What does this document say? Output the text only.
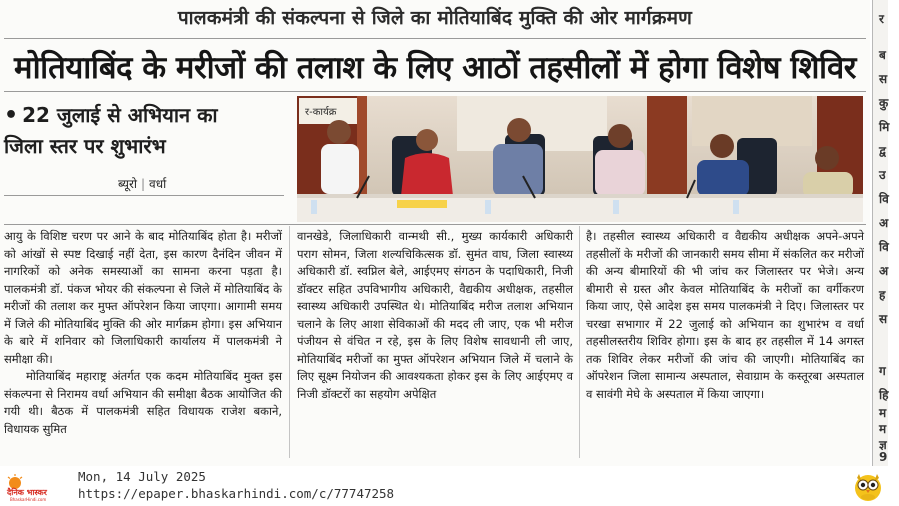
पालकमंत्री की संकल्पना से जिले का मोतियाबिंद मुक्ति की ओर मार्गक्रमण
मोतियाबिंद के मरीजों की तलाश के लिए आठों तहसीलों में होगा विशेष शिविर
• 22 जुलाई से अभियान का
जिला स्तर पर शुभारंभ
ब्यूरो | वर्धा
र-कार्यक्र

आयु के विशिष्ट चरण पर आने के बाद मोतियाबिंद होता है। मरीजों को आंखों से स्पष्ट दिखाई नहीं देता, इस कारण दैनंदिन जीवन में नागरिकों को अनेक समस्याओं का सामना करना पड़ता है। पालकमंत्री डॉ. पंकज भोयर की संकल्पना से जिले में मोतियाबिंद के मरीजों की तलाश कर मुफ्त ऑपरेशन किया जाएगा। आगामी समय में जिले की मोतियाबिंद मुक्ति की ओर मार्गक्रम होगा। इस अभियान के बारे में शनिवार को जिलाधिकारी कार्यालय में पालकमंत्री ने समीक्षा की।

मोतियाबिंद महाराष्ट्र अंतर्गत एक कदम मोतियाबिंद मुक्त इस संकल्पना से निरामय वर्धा अभियान की समीक्षा बैठक आयोजित की गयी थी। बैठक में पालकमंत्री सहित विधायक राजेश बकाने, विधायक सुमित

वानखेडे, जिलाधिकारी वान्मथी सी., मुख्य कार्यकारी अधिकारी पराग सोमन, जिला शल्यचिकित्सक डॉ. सुमंत वाघ, जिला स्वास्थ्य अधिकारी डॉ. स्वप्निल बेले, आईएमए संगठन के पदाधिकारी, निजी डॉक्टर सहित उपविभागीय अधिकारी, वैद्यकीय अधीक्षक, तहसील स्वास्थ्य अधिकारी उपस्थित थे। मोतियाबिंद मरीज तलाश अभियान चलाने के लिए आशा सेविकाओं की मदद ली जाए, एक भी मरीज पंजीयन से वंचित न रहे, इस के लिए विशेष सावधानी ली जाए, मोतियाबिंद मरीजों का मुफ्त ऑपरेशन अभियान जिले में चलाने के लिए सूक्ष्म नियोजन की आवश्यकता होकर इस के लिए आईएमए व निजी डॉक्टरों का सहयोग अपेक्षित

है। तहसील स्वास्थ्य अधिकारी व वैद्यकीय अधीक्षक अपने-अपने तहसीलों के मरीजों की जानकारी समय सीमा में संकलित कर मरीजों की अन्य बीमारियों की भी जांच कर जिलास्तर पर भेजे। अन्य बीमारी से ग्रस्त और केवल मोतियाबिंद के मरीजों का वर्गीकरण किया जाए, ऐसे आदेश इस समय पालकमंत्री ने दिए। जिलास्तर पर चरखा सभागार में 22 जुलाई को अभियान का शुभारंभ व वर्धा तहसीलस्तरीय शिविर होगा। इस के बाद हर तहसील में 14 अगस्त तक शिविर लेकर मरीजों की जांच की जाएगी। मोतियाबिंद का ऑपरेशन जिला सामान्य अस्पताल, सेवाग्राम के कस्तूरबा अस्पताल व सावंगी मेघे के अस्पताल में किया जाएगा।

र
ब
स
कु
मि
द्व
उ
वि
अ
वि
अ
ह
स
ग
हि
म
म
ज्ञ
9
दैनिक भास्कर
BhaskarHindi.com
Mon, 14 July 2025
https://epaper.bhaskarhindi.com/c/77747258
